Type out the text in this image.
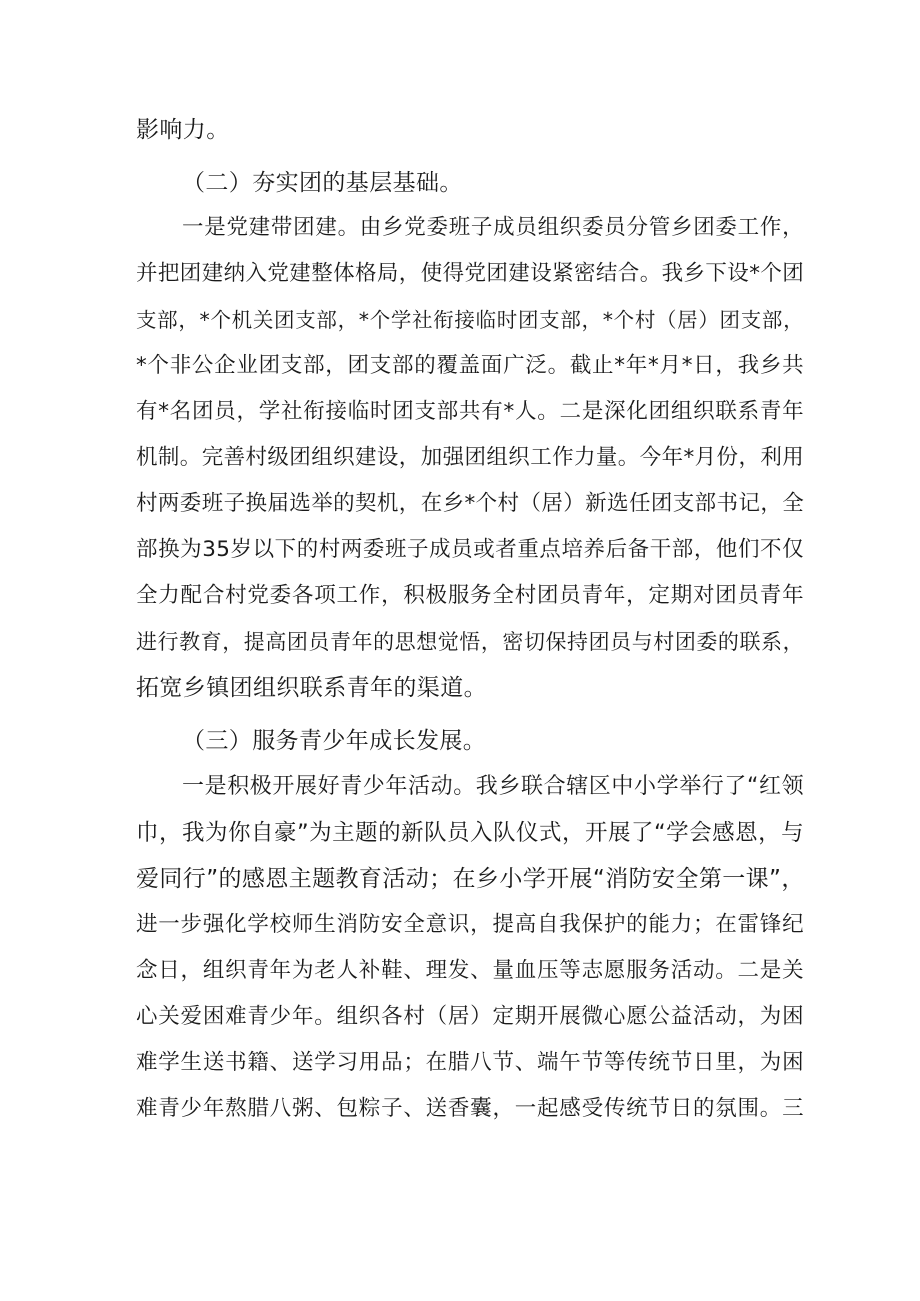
影响力。
（二）夯实团的基层基础。
一是党建带团建。由乡党委班子成员组织委员分管乡团委工作，
并把团建纳入党建整体格局，使得党团建设紧密结合。我乡下设*个团
支部，*个机关团支部，*个学社衔接临时团支部，*个村（居）团支部，
*个非公企业团支部，团支部的覆盖面广泛。截止*年*月*日，我乡共
有*名团员，学社衔接临时团支部共有*人。二是深化团组织联系青年
机制。完善村级团组织建设，加强团组织工作力量。今年*月份，利用
村两委班子换届选举的契机，在乡*个村（居）新选任团支部书记，全
部换为35岁以下的村两委班子成员或者重点培养后备干部，他们不仅
全力配合村党委各项工作，积极服务全村团员青年，定期对团员青年
进行教育，提高团员青年的思想觉悟，密切保持团员与村团委的联系，
拓宽乡镇团组织联系青年的渠道。
（三）服务青少年成长发展。
一是积极开展好青少年活动。我乡联合辖区中小学举行了“红领
巾，我为你自豪”为主题的新队员入队仪式，开展了“学会感恩，与
爱同行”的感恩主题教育活动；在乡小学开展“消防安全第一课”，
进一步强化学校师生消防安全意识，提高自我保护的能力；在雷锋纪
念日，组织青年为老人补鞋、理发、量血压等志愿服务活动。二是关
心关爱困难青少年。组织各村（居）定期开展微心愿公益活动，为困
难学生送书籍、送学习用品；在腊八节、端午节等传统节日里，为困
难青少年熬腊八粥、包粽子、送香囊，一起感受传统节日的氛围。三
